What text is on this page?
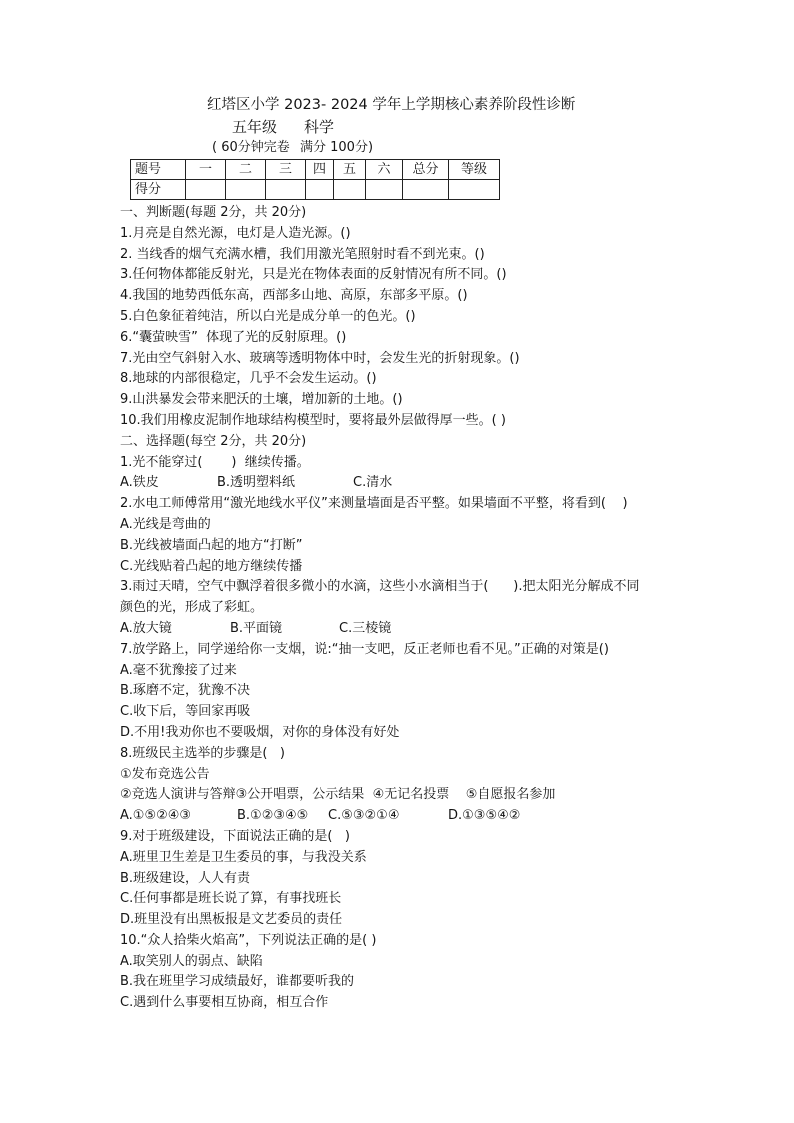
红塔区小学 2023- 2024 学年上学期核心素养阶段性诊断
五年级 科学
( 60分钟完卷 满分 100分)
题号	一	二	三	四	五	六	总分	等级
得分								
一、判断题(每题 2分，共 20分)
1.月亮是自然光源，电灯是人造光源。()
2. 当线香的烟气充满水槽，我们用激光笔照射时看不到光束。()
3.任何物体都能反射光，只是光在物体表面的反射情况有所不同。()
4.我国的地势西低东高，西部多山地、高原，东部多平原。()
5.白色象征着纯洁，所以白光是成分单一的色光。()
6.“囊萤映雪”  体现了光的反射原理。()
7.光由空气斜射入水、玻璃等透明物体中时，会发生光的折射现象。()
8.地球的内部很稳定，几乎不会发生运动。()
9.山洪暴发会带来肥沃的土壤，增加新的土地。()
10.我们用橡皮泥制作地球结构模型时，要将最外层做得厚一些。( )
二、选择题(每空 2分，共 20分)
1.光不能穿过(       )  继续传播。

A.铁皮

	B.透明塑料纸

	C.清水

2.水电工师傅常用“激光地线水平仪”来测量墙面是否平整。如果墙面不平整，将看到(    )
A.光线是弯曲的
B.光线被墙面凸起的地方“打断”
C.光线贴着凸起的地方继续传播
3.雨过天晴，空气中飘浮着很多微小的水滴，这些小水滴相当于(      ).把太阳光分解成不同
颜色的光，形成了彩虹。

A.放大镜

	B.平面镜

	C.三棱镜

7.放学路上，同学递给你一支烟，说:“抽一支吧，反正老师也看不见。”正确的对策是()
A.毫不犹豫接了过来
B.琢磨不定，犹豫不决
C.收下后，等回家再吸
D.不用!我劝你也不要吸烟，对你的身体没有好处
8.班级民主选举的步骤是(   )
①发布竞选公告
②竞选人演讲与答辩③公开唱票，公示结果  ④无记名投票    ⑤自愿报名参加

A.①⑤②④③

	B.①②③④⑤

C.⑤③②①④

	D.①③⑤④②

9.对于班级建设，下面说法正确的是(   )
A.班里卫生差是卫生委员的事，与我没关系
B.班级建设，人人有责
C.任何事都是班长说了算，有事找班长
D.班里没有出黑板报是文艺委员的责任
10.“众人拾柴火焰高”，下列说法正确的是( )
A.取笑别人的弱点、缺陷
B.我在班里学习成绩最好，谁都要听我的
C.遇到什么事要相互协商，相互合作
